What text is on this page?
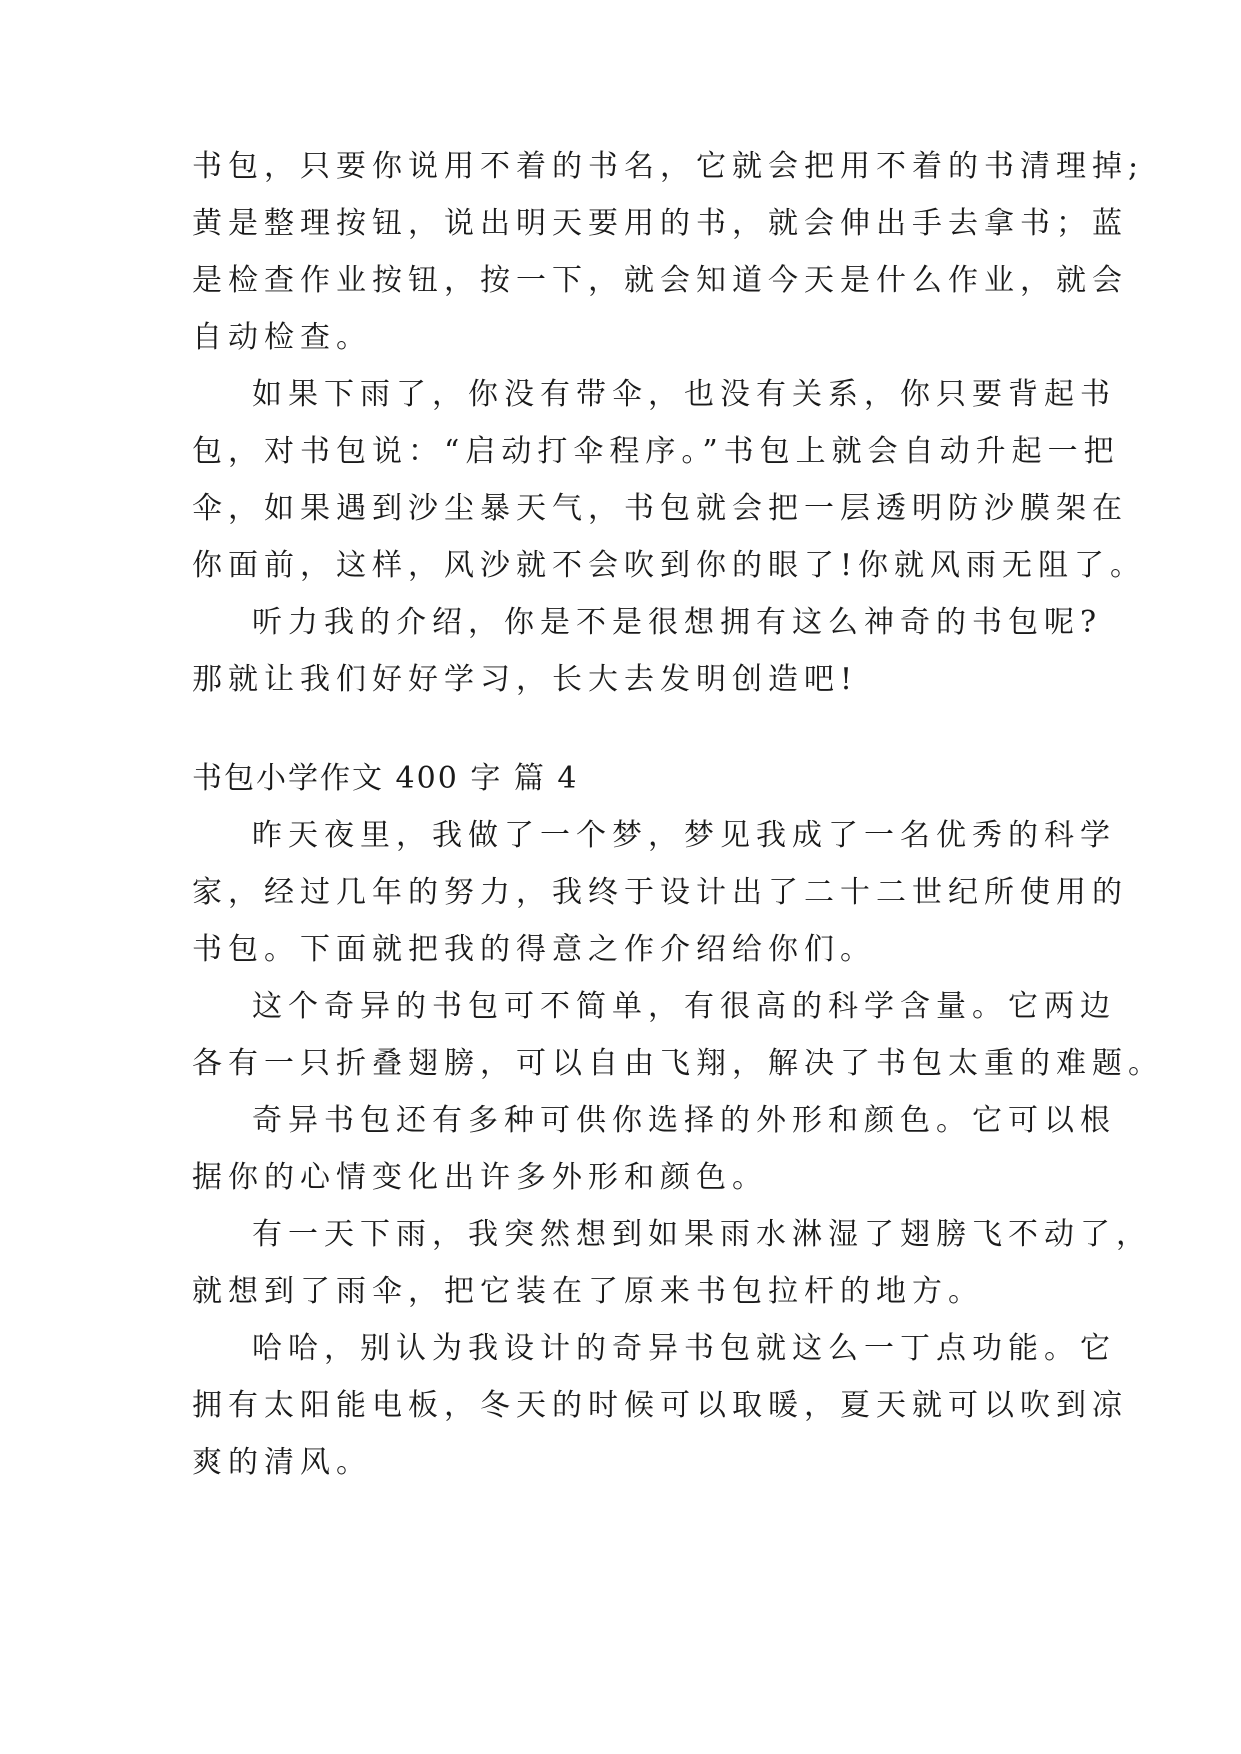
书包，只要你说用不着的书名，它就会把用不着的书清理掉;
黄是整理按钮，说出明天要用的书，就会伸出手去拿书；蓝
是检查作业按钮，按一下，就会知道今天是什么作业，就会
自动检查。
如果下雨了，你没有带伞，也没有关系，你只要背起书
包，对书包说：“启动打伞程序。”书包上就会自动升起一把
伞，如果遇到沙尘暴天气，书包就会把一层透明防沙膜架在
你面前，这样，风沙就不会吹到你的眼了!你就风雨无阻了。
听力我的介绍，你是不是很想拥有这么神奇的书包呢?
那就让我们好好学习，长大去发明创造吧!
书包小学作文 400 字 篇 4
昨天夜里，我做了一个梦，梦见我成了一名优秀的科学
家，经过几年的努力，我终于设计出了二十二世纪所使用的
书包。下面就把我的得意之作介绍给你们。
这个奇异的书包可不简单，有很高的科学含量。它两边
各有一只折叠翅膀，可以自由飞翔，解决了书包太重的难题。
奇异书包还有多种可供你选择的外形和颜色。它可以根
据你的心情变化出许多外形和颜色。
有一天下雨，我突然想到如果雨水淋湿了翅膀飞不动了，
就想到了雨伞，把它装在了原来书包拉杆的地方。
哈哈，别认为我设计的奇异书包就这么一丁点功能。它
拥有太阳能电板，冬天的时候可以取暖，夏天就可以吹到凉
爽的清风。
